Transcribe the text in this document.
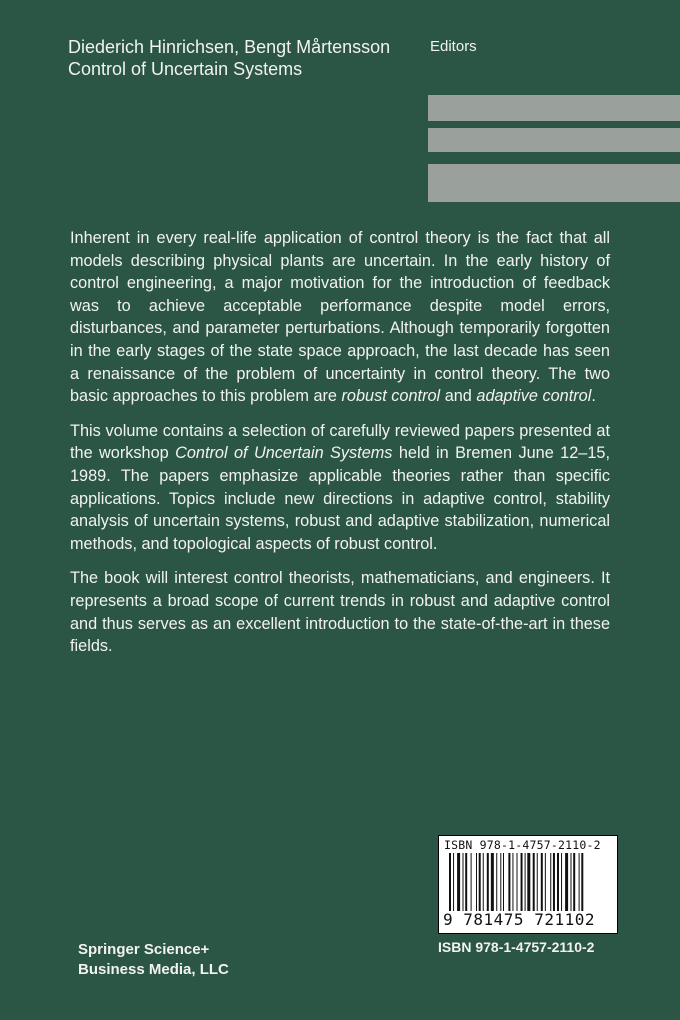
Diederich Hinrichsen, Bengt Mårtensson	Editors
Control of Uncertain Systems

Inherent in every real-life application of control theory is the fact that all models describing physical plants are uncertain. In the early history of control engineering, a major motivation for the introduction of feedback was to achieve acceptable performance despite model errors, disturbances, and parameter perturbations. Although temporarily forgotten in the early stages of the state space approach, the last decade has seen a renaissance of the problem of uncertainty in control theory. The two basic approaches to this problem are robust control and adaptive control.

This volume contains a selection of carefully reviewed papers presented at the workshop Control of Uncertain Systems held in Bremen June 12–15, 1989. The papers emphasize applicable theories rather than specific applications. Topics include new directions in adaptive control, stability analysis of uncertain systems, robust and adaptive stabilization, numerical methods, and topological aspects of robust control.

The book will interest control theorists, mathematicians, and engineers. It represents a broad scope of current trends in robust and adaptive control and thus serves as an excellent introduction to the state-of-the-art in these fields.

ISBN 978-1-4757-2110-2
9 781475 721102
ISBN 978-1-4757-2110-2
Springer Science+
Business Media, LLC
